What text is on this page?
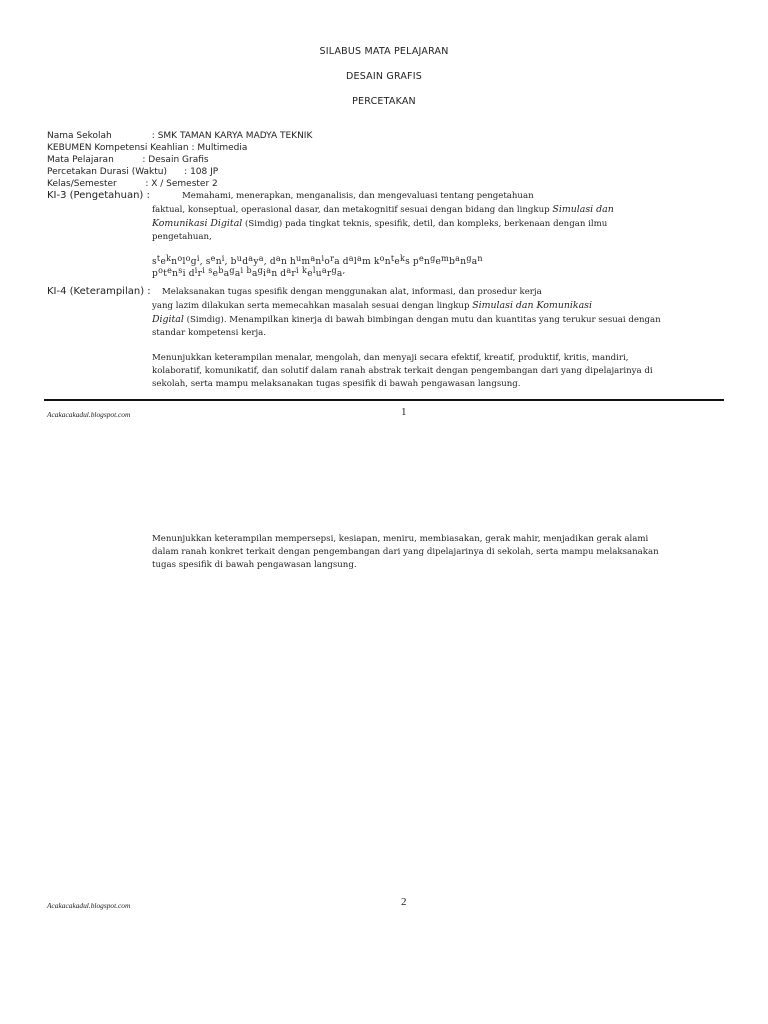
SILABUS MATA PELAJARAN

DESAIN GRAFIS

PERCETAKAN

Nama Sekolah              : SMK TAMAN KARYA MADYA TEKNIK
KEBUMEN Kompetensi Keahlian : Multimedia
Mata Pelajaran          : Desain Grafis
Percetakan Durasi (Waktu)      : 108 JP
Kelas/Semester          : X / Semester 2
KI-3 (Pengetahuan) :	Memahami, menerapkan, menganalisis, dan mengevaluasi tentang pengetahuan
faktual, konseptual, operasional dasar, dan metakognitif sesuai dengan bidang dan lingkup Simulasi dan
Komunikasi Digital (Simdig) pada tingkat teknis, spesifik, detil, dan kompleks, berkenaan dengan ilmu
pengetahuan,
steknologi, seni, budaya, dan humaniora dalam konteks pengembangan
potensi diri sebagai bagian dari keluarga,
KI-4 (Keterampilan) : Melaksanakan tugas spesifik dengan menggunakan alat, informasi, dan prosedur kerja
yang lazim dilakukan serta memecahkan masalah sesuai dengan lingkup Simulasi dan Komunikasi
Digital (Simdig). Menampilkan kinerja di bawah bimbingan dengan mutu dan kuantitas yang terukur sesuai dengan
standar kompetensi kerja.
Menunjukkan keterampilan menalar, mengolah, dan menyaji secara efektif, kreatif, produktif, kritis, mandiri,
kolaboratif, komunikatif, dan solutif dalam ranah abstrak terkait dengan pengembangan dari yang dipelajarinya di
sekolah, serta mampu melaksanakan tugas spesifik di bawah pengawasan langsung.
Acakacakadul.blogspot.com	1
Menunjukkan keterampilan mempersepsi, kesiapan, meniru, membiasakan, gerak mahir, menjadikan gerak alami
dalam ranah konkret terkait dengan pengembangan dari yang dipelajarinya di sekolah, serta mampu melaksanakan
tugas spesifik di bawah pengawasan langsung.
Acakacakadul.blogspot.com	2
